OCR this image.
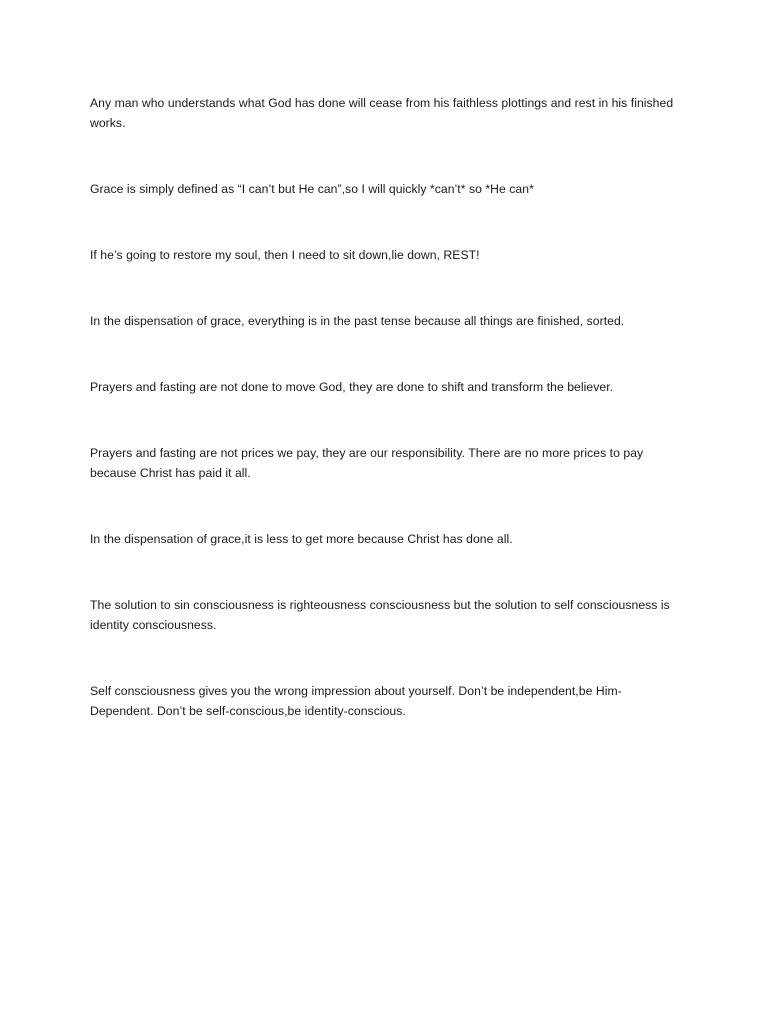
Any man who understands what God has done will cease from his faithless plottings and rest in his finished works.

Grace is simply defined as “I can’t but He can”,so I will quickly *can’t* so *He can*

If he’s going to restore my soul, then I need to sit down,lie down, REST!

In the dispensation of grace, everything is in the past tense because all things are finished, sorted.

Prayers and fasting are not done to move God, they are done to shift and transform the believer.

Prayers and fasting are not prices we pay, they are our responsibility. There are no more prices to pay because Christ has paid it all.

In the dispensation of grace,it is less to get more because Christ has done all.

The solution to sin consciousness is righteousness consciousness but the solution to self consciousness is identity consciousness.

Self consciousness gives you the wrong impression about yourself. Don’t be independent,be Him-Dependent. Don’t be self-conscious,be identity-conscious.
